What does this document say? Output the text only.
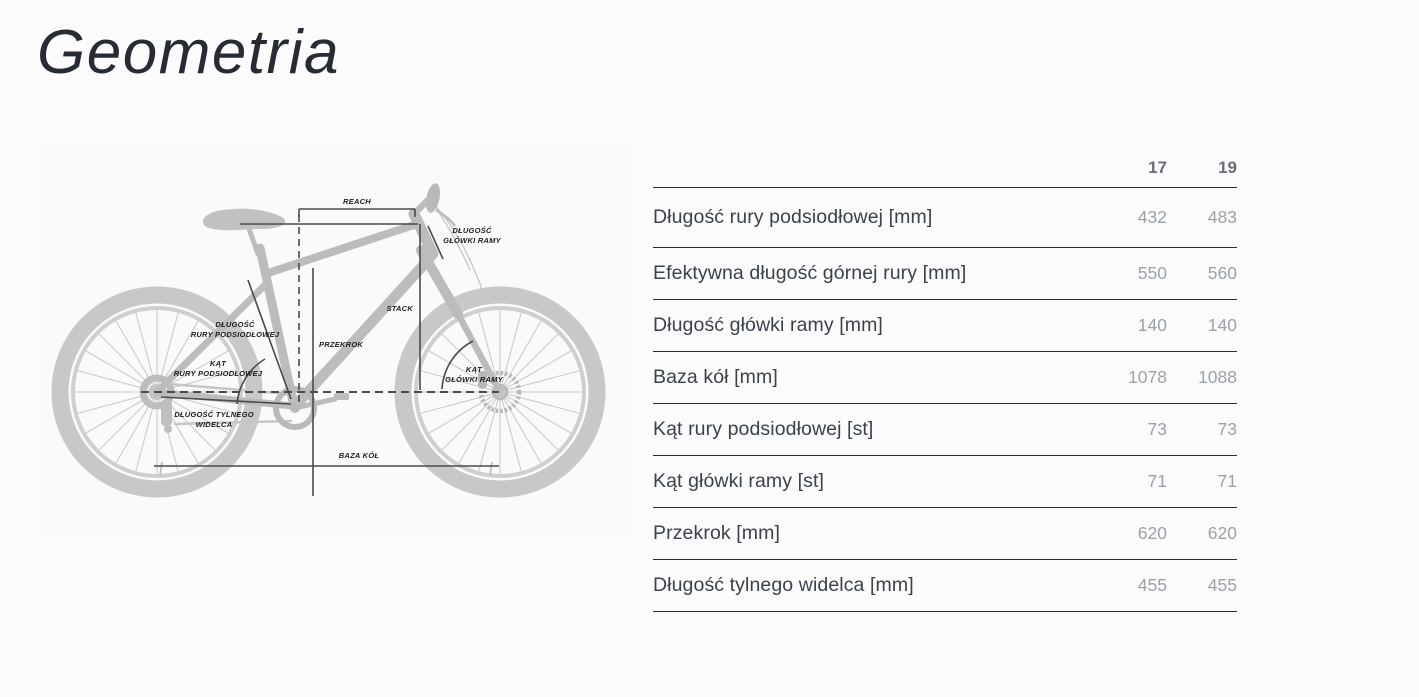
Geometria
REACH
DŁUGOŚĆ
GŁÓWKI RAMY
STACK
PRZEKROK
DŁUGOŚĆ
RURY PODSIODŁOWEJ
KĄT
RURY PODSIODŁOWEJ
DŁUGOŚĆ TYLNEGO
WIDELCA
KĄT
GŁÓWKI RAMY
BAZA KÓŁ
17	19
Długość rury podsiodłowej [mm]	432	483
Efektywna długość górnej rury [mm]	550	560
Długość główki ramy [mm]	140	140
Baza kół [mm]	1078	1088
Kąt rury podsiodłowej [st]	73	73
Kąt główki ramy [st]	71	71
Przekrok [mm]	620	620
Długość tylnego widelca [mm]	455	455
